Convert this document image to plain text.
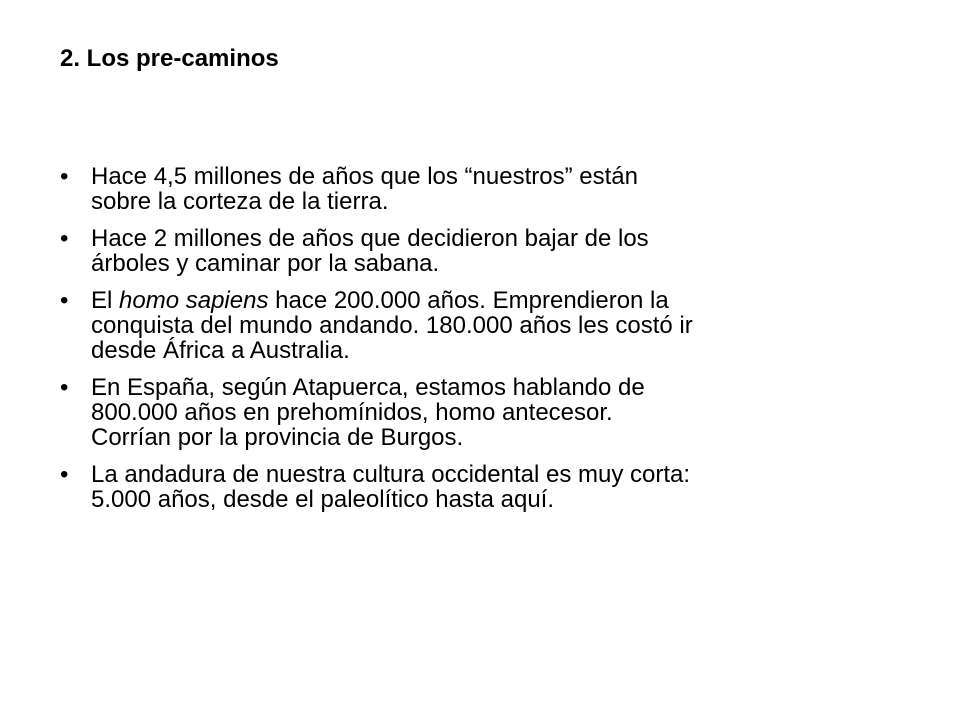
2. Los pre-caminos
• Hace 4,5 millones de años que los “nuestros” están
sobre la corteza de la tierra.
• Hace 2 millones de años que decidieron bajar de los
árboles y caminar por la sabana.
• El homo sapiens hace 200.000 años. Emprendieron la
conquista del mundo andando. 180.000 años les costó ir
desde África a Australia.
• En España, según Atapuerca, estamos hablando de
800.000 años en prehomínidos, homo antecesor.
Corrían por la provincia de Burgos.
• La andadura de nuestra cultura occidental es muy corta:
5.000 años, desde el paleolítico hasta aquí.
